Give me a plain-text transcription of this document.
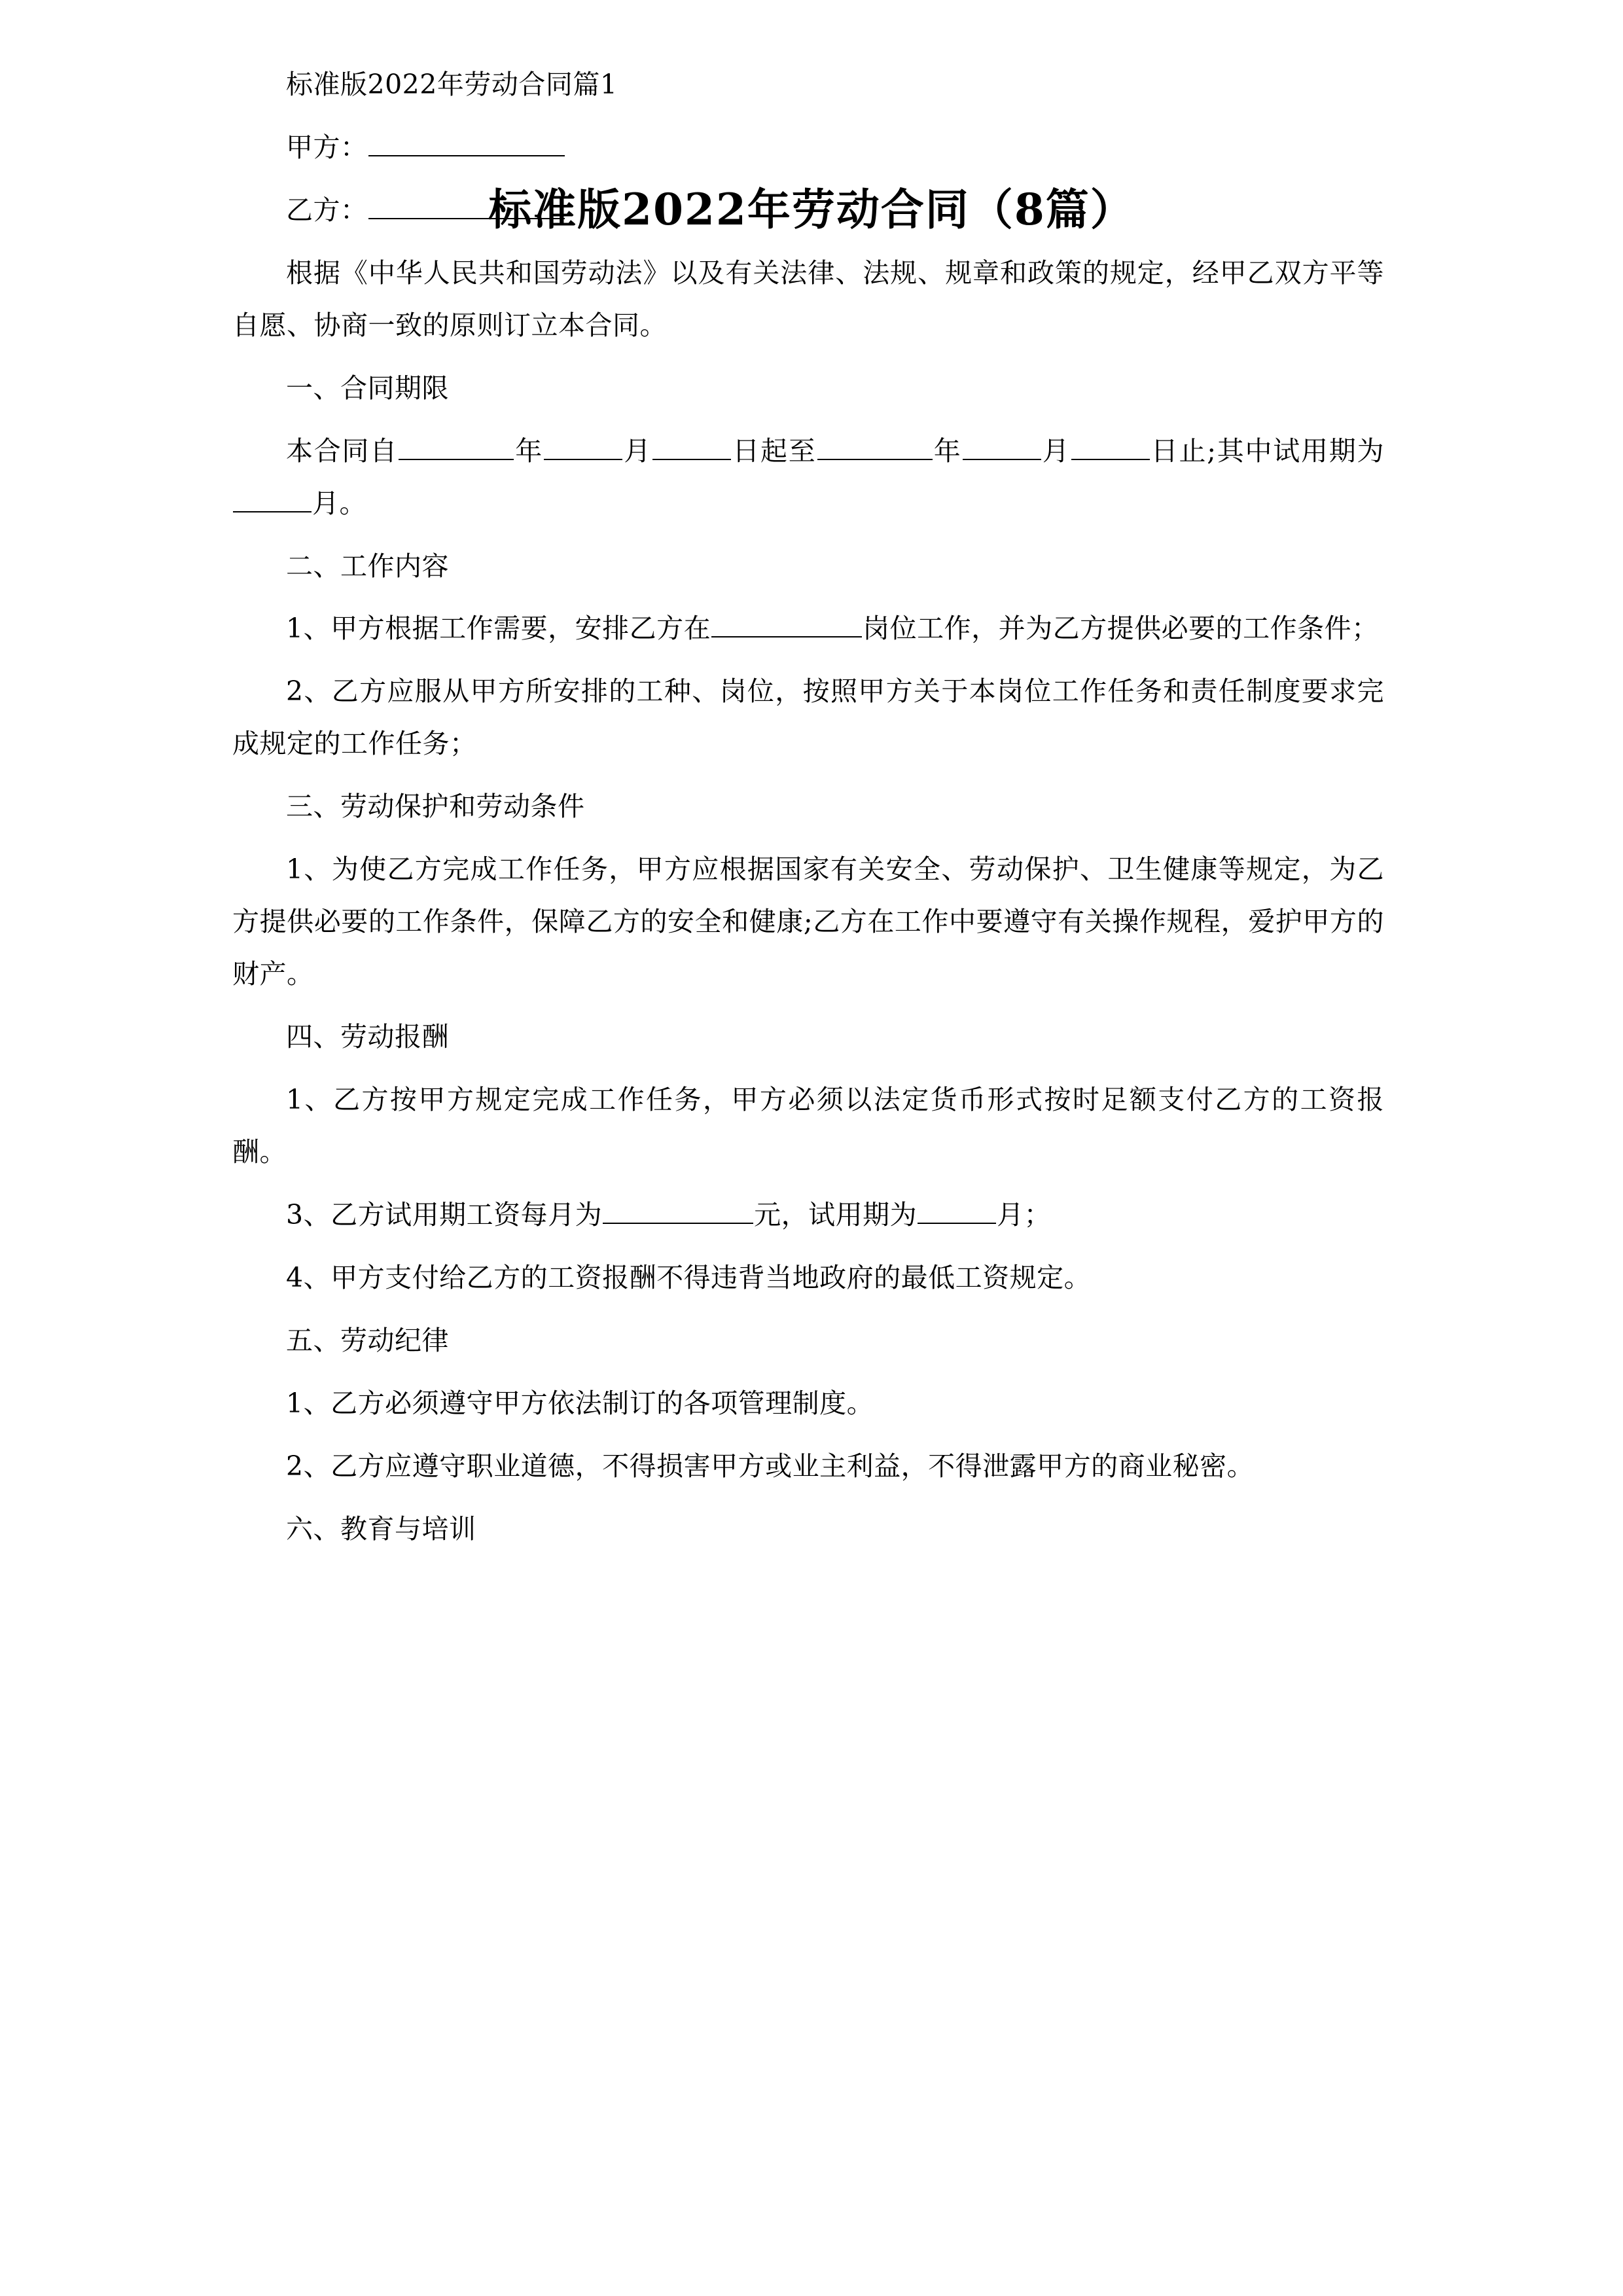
标准版2022年劳动合同（8篇）

标准版2022年劳动合同篇1

甲方：

乙方：

根据《中华人民共和国劳动法》以及有关法律、法规、规章和政策的规定，经甲乙双方平等自愿、协商一致的原则订立本合同。

一、合同期限

本合同自	年	月	日起至	年	月	日止;其中试用期为月。

二、工作内容

1、甲方根据工作需要，安排乙方在	岗位工作，并为乙方提供必要的工作条件；

2、乙方应服从甲方所安排的工种、岗位，按照甲方关于本岗位工作任务和责任制度要求完成规定的工作任务；

三、劳动保护和劳动条件

1、为使乙方完成工作任务，甲方应根据国家有关安全、劳动保护、卫生健康等规定，为乙方提供必要的工作条件，保障乙方的安全和健康;乙方在工作中要遵守有关操作规程，爱护甲方的财产。

四、劳动报酬

1、乙方按甲方规定完成工作任务，甲方必须以法定货币形式按时足额支付乙方的工资报酬。

3、乙方试用期工资每月为	元，试用期为	月；

4、甲方支付给乙方的工资报酬不得违背当地政府的最低工资规定。

五、劳动纪律

1、乙方必须遵守甲方依法制订的各项管理制度。

2、乙方应遵守职业道德，不得损害甲方或业主利益，不得泄露甲方的商业秘密。

六、教育与培训
